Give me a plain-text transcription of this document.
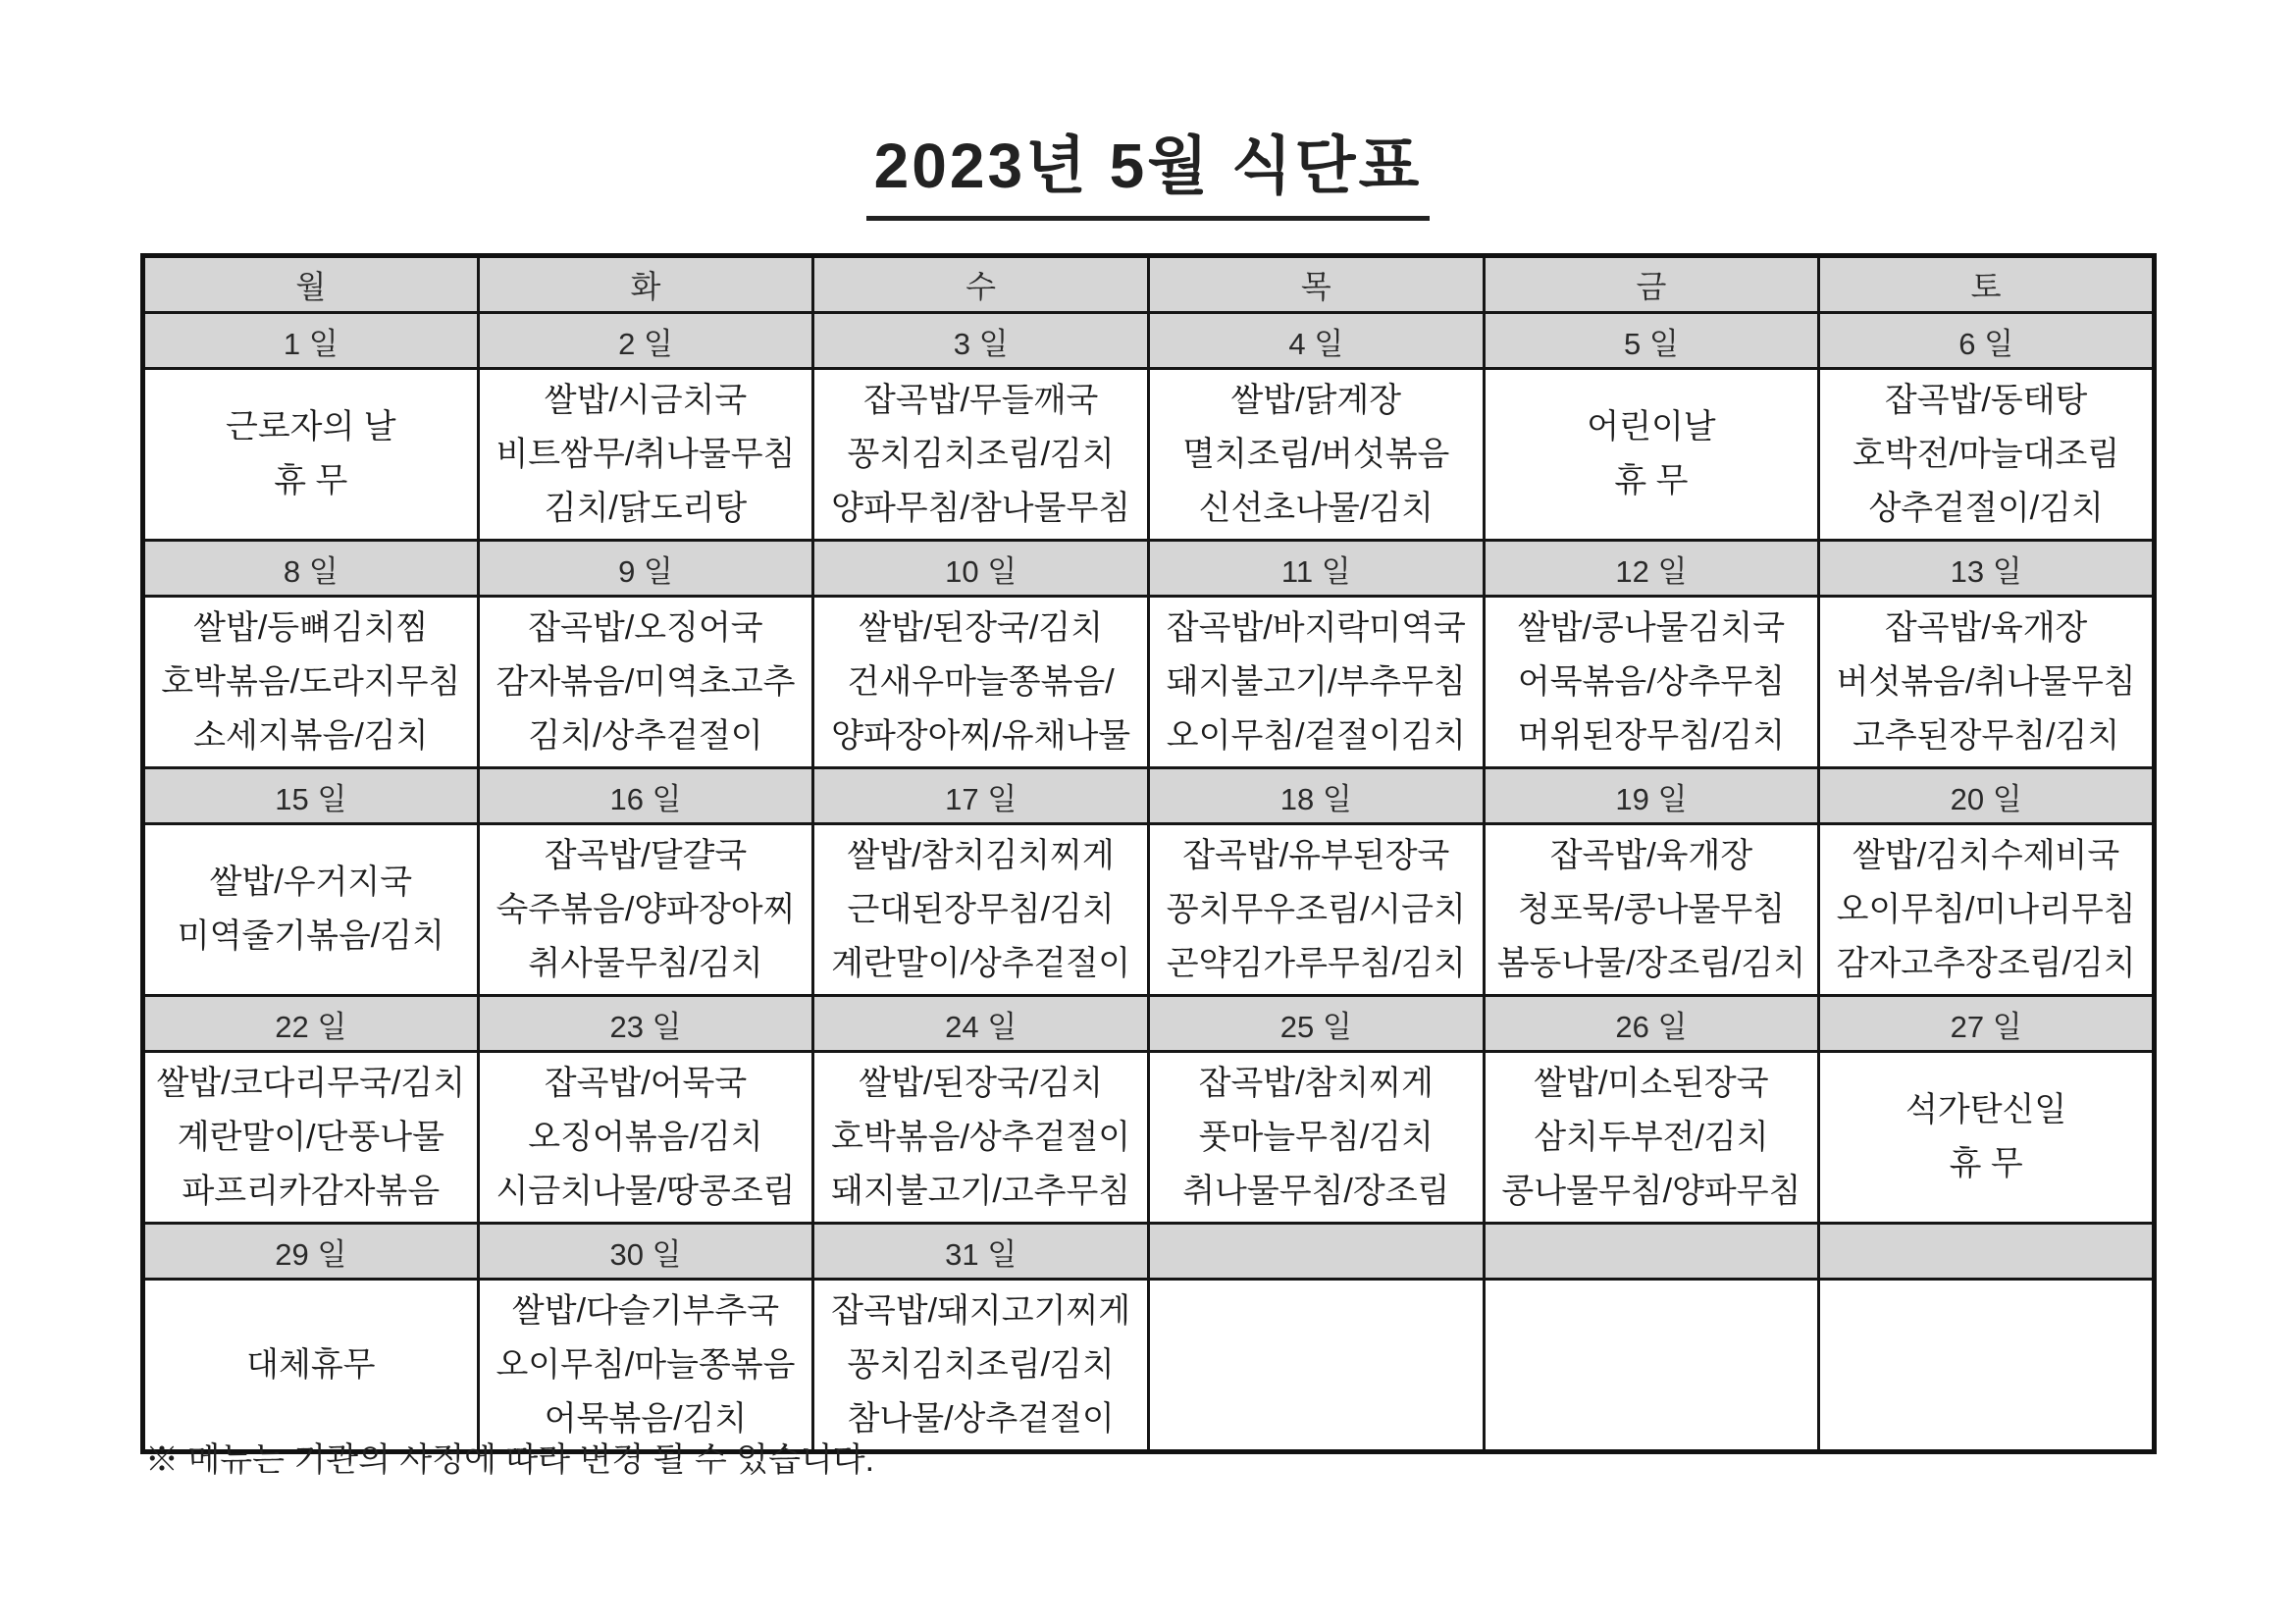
2023년 5월 식단표
월	화	수	목	금	토
1 일	2 일	3 일	4 일	5 일	6 일

근로자의 날
휴 무

쌀밥/시금치국
비트쌈무/취나물무침
김치/닭도리탕

잡곡밥/무들깨국
꽁치김치조림/김치
양파무침/참나물무침

쌀밥/닭계장
멸치조림/버섯볶음
신선초나물/김치

어린이날
휴 무

잡곡밥/동태탕
호박전/마늘대조림
상추겉절이/김치

8 일	9 일	10 일	11 일	12 일	13 일

쌀밥/등뼈김치찜
호박볶음/도라지무침
소세지볶음/김치

잡곡밥/오징어국
감자볶음/미역초고추
김치/상추겉절이

쌀밥/된장국/김치
건새우마늘쫑볶음/
양파장아찌/유채나물

잡곡밥/바지락미역국
돼지불고기/부추무침
오이무침/겉절이김치

쌀밥/콩나물김치국
어묵볶음/상추무침
머위된장무침/김치

잡곡밥/육개장
버섯볶음/취나물무침
고추된장무침/김치

15 일	16 일	17 일	18 일	19 일	20 일

쌀밥/우거지국
미역줄기볶음/김치

잡곡밥/달걀국
숙주볶음/양파장아찌
취사물무침/김치

쌀밥/참치김치찌게
근대된장무침/김치
계란말이/상추겉절이

잡곡밥/유부된장국
꽁치무우조림/시금치
곤약김가루무침/김치

잡곡밥/육개장
청포묵/콩나물무침
봄동나물/장조림/김치

쌀밥/김치수제비국
오이무침/미나리무침
감자고추장조림/김치

22 일	23 일	24 일	25 일	26 일	27 일

쌀밥/코다리무국/김치
계란말이/단풍나물
파프리카감자볶음

잡곡밥/어묵국
오징어볶음/김치
시금치나물/땅콩조림

쌀밥/된장국/김치
호박볶음/상추겉절이
돼지불고기/고추무침

잡곡밥/참치찌게
풋마늘무침/김치
취나물무침/장조림

쌀밥/미소된장국
삼치두부전/김치
콩나물무침/양파무침

석가탄신일
휴 무

29 일	30 일	31 일			

대체휴무

쌀밥/다슬기부추국
오이무침/마늘쫑볶음
어묵볶음/김치

잡곡밥/돼지고기찌게
꽁치김치조림/김치
참나물/상추겉절이

※ 메뉴는 기관의 사정에 따라 변경 될 수 있습니다.
